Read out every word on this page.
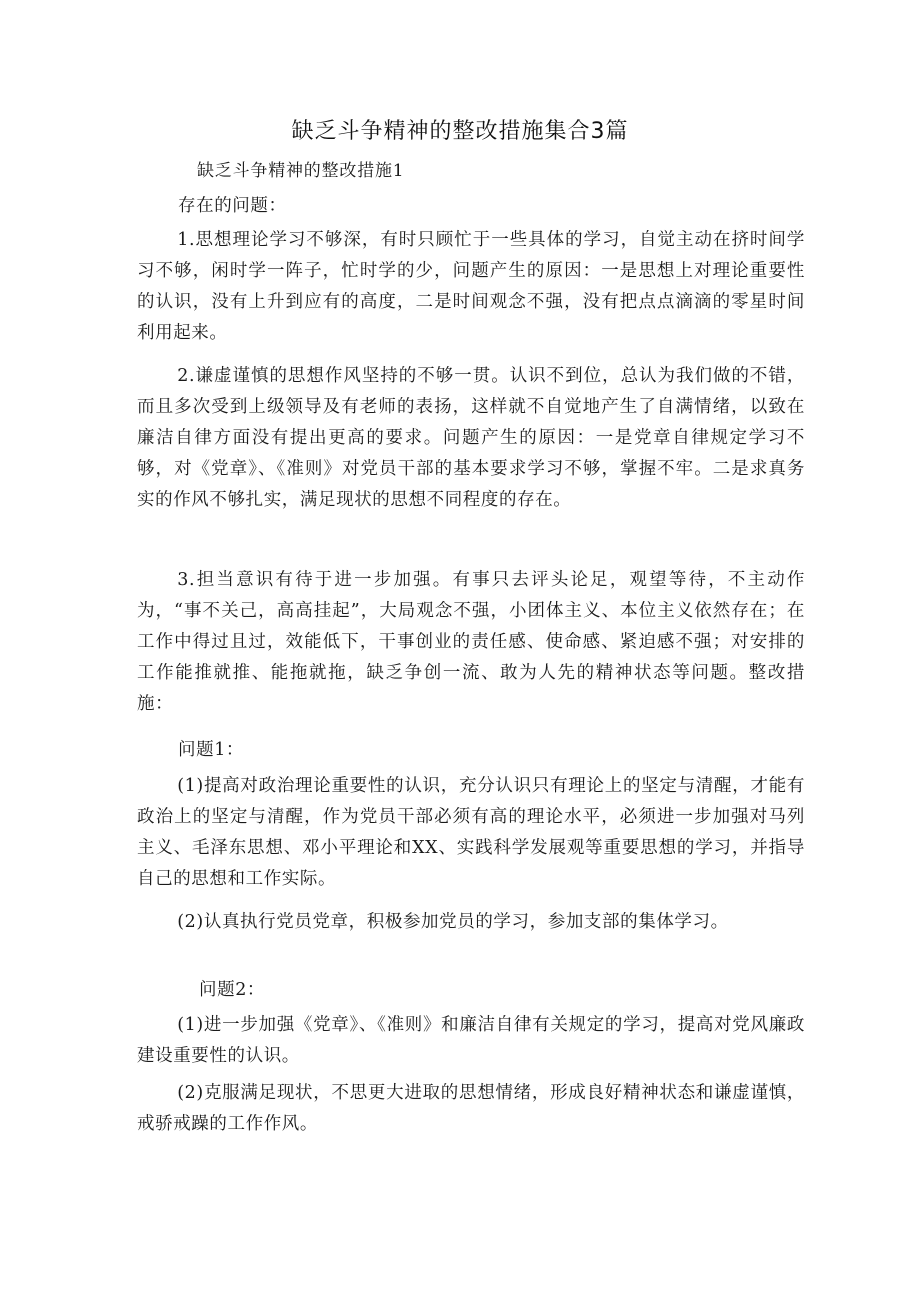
缺乏斗争精神的整改措施集合3篇

缺乏斗争精神的整改措施1

存在的问题：

1.思想理论学习不够深，有时只顾忙于一些具体的学习，自觉主动在挤时间学习不够，闲时学一阵子，忙时学的少，问题产生的原因：一是思想上对理论重要性的认识，没有上升到应有的高度，二是时间观念不强，没有把点点滴滴的零星时间利用起来。

2.谦虚谨慎的思想作风坚持的不够一贯。认识不到位，总认为我们做的不错，而且多次受到上级领导及有老师的表扬，这样就不自觉地产生了自满情绪，以致在廉洁自律方面没有提出更高的要求。问题产生的原因：一是党章自律规定学习不够，对《党章》、《准则》对党员干部的基本要求学习不够，掌握不牢。二是求真务实的作风不够扎实，满足现状的思想不同程度的存在。

3.担当意识有待于进一步加强。有事只去评头论足，观望等待，不主动作为，“事不关己，高高挂起”，大局观念不强，小团体主义、本位主义依然存在；在工作中得过且过，效能低下，干事创业的责任感、使命感、紧迫感不强；对安排的工作能推就推、能拖就拖，缺乏争创一流、敢为人先的精神状态等问题。整改措施：

问题1：

(1)提高对政治理论重要性的认识，充分认识只有理论上的坚定与清醒，才能有政治上的坚定与清醒，作为党员干部必须有高的理论水平，必须进一步加强对马列主义、毛泽东思想、邓小平理论和XX、实践科学发展观等重要思想的学习，并指导自己的思想和工作实际。

(2)认真执行党员党章，积极参加党员的学习，参加支部的集体学习。

问题2：

(1)进一步加强《党章》、《准则》和廉洁自律有关规定的学习，提高对党风廉政建设重要性的认识。

(2)克服满足现状，不思更大进取的思想情绪，形成良好精神状态和谦虚谨慎，戒骄戒躁的工作作风。
